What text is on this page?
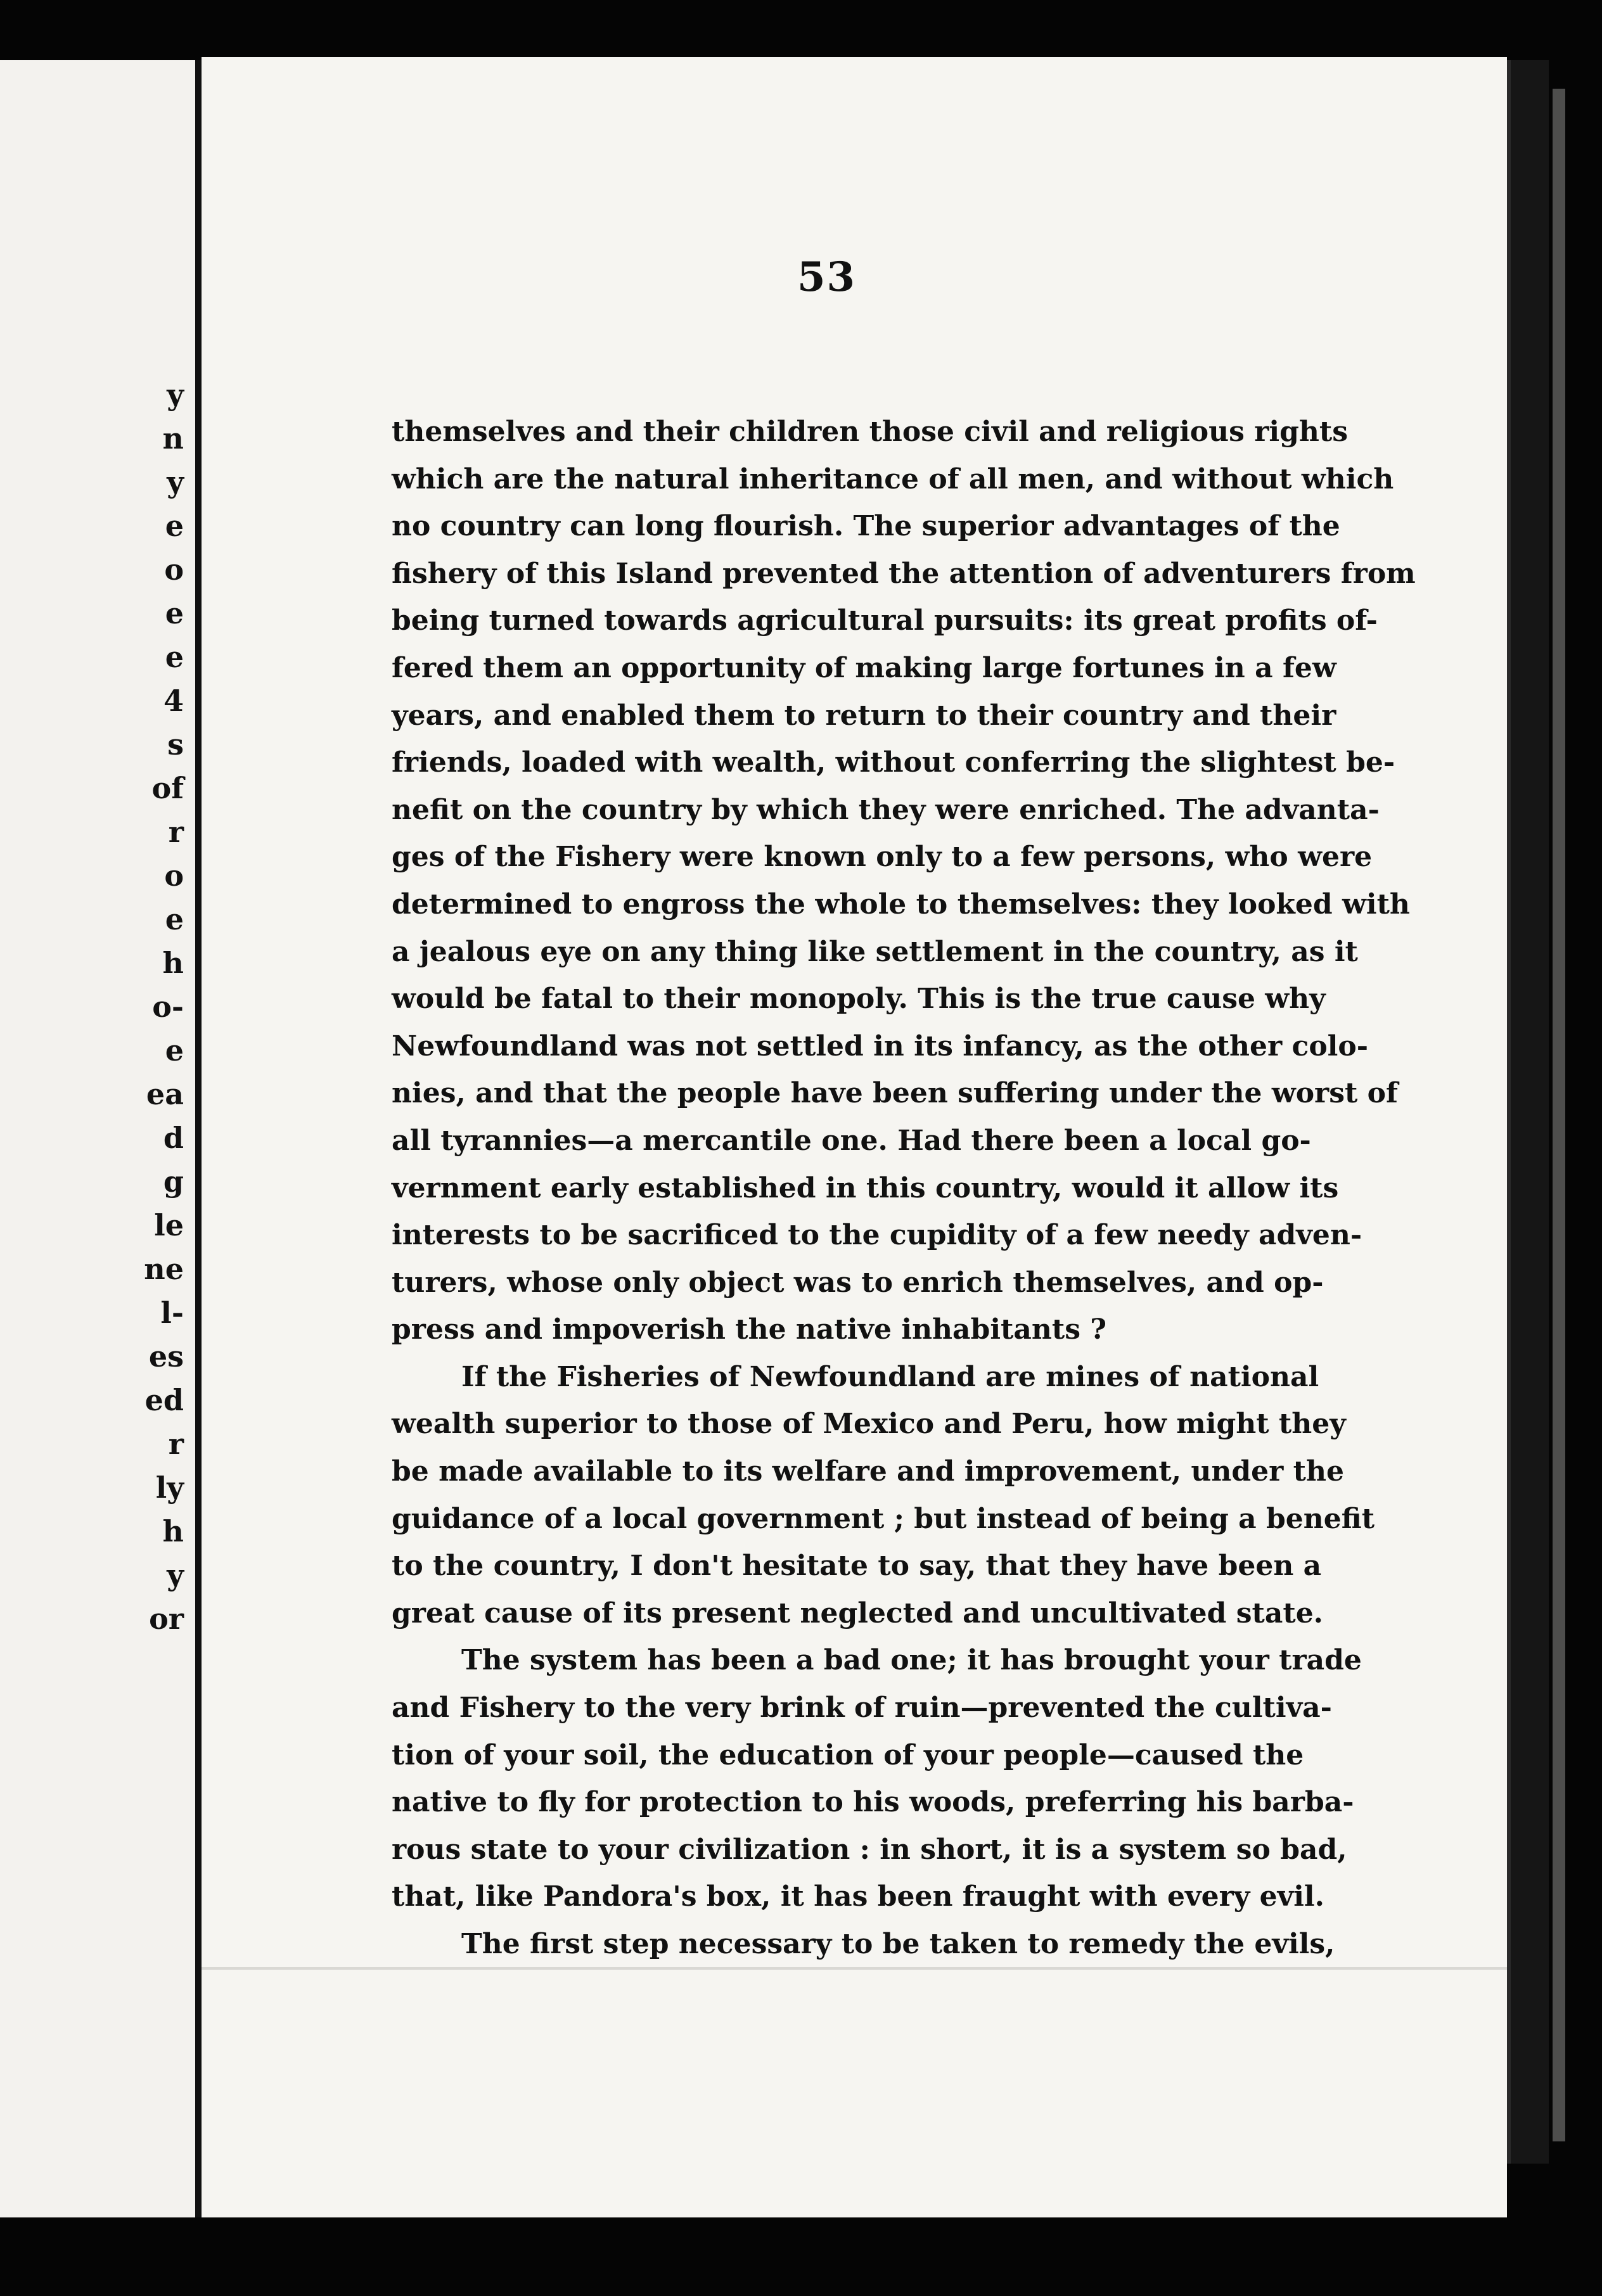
y
n
y
e
o
e
e
4
s
of
r
o
e
h
o-
e
ea
d
g
le
ne
l-
es
ed
r
ly
h
y
or
53
themselves and their children those civil and religious rights
which are the natural inheritance of all men, and without which
no country can long flourish. The superior advantages of the
fishery of this Island prevented the attention of adventurers from
being turned towards agricultural pursuits: its great profits of-
fered them an opportunity of making large fortunes in a few
years, and enabled them to return to their country and their
friends, loaded with wealth, without conferring the slightest be-
nefit on the country by which they were enriched. The advanta-
ges of the Fishery were known only to a few persons, who were
determined to engross the whole to themselves: they looked with
a jealous eye on any thing like settlement in the country, as it
would be fatal to their monopoly. This is the true cause why
Newfoundland was not settled in its infancy, as the other colo-
nies, and that the people have been suffering under the worst of
all tyrannies—a mercantile one. Had there been a local go-
vernment early established in this country, would it allow its
interests to be sacrificed to the cupidity of a few needy adven-
turers, whose only object was to enrich themselves, and op-
press and impoverish the native inhabitants ?
If the Fisheries of Newfoundland are mines of national
wealth superior to those of Mexico and Peru, how might they
be made available to its welfare and improvement, under the
guidance of a local government ; but instead of being a benefit
to the country, I don't hesitate to say, that they have been a
great cause of its present neglected and uncultivated state.
The system has been a bad one; it has brought your trade
and Fishery to the very brink of ruin—prevented the cultiva-
tion of your soil, the education of your people—caused the
native to fly for protection to his woods, preferring his barba-
rous state to your civilization : in short, it is a system so bad,
that, like Pandora's box, it has been fraught with every evil.
The first step necessary to be taken to remedy the evils,
